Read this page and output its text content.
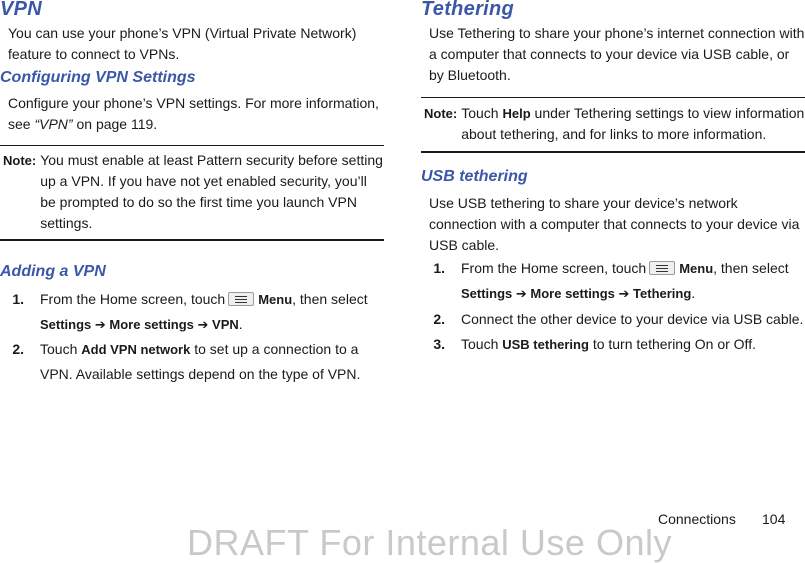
VPN

You can use your phone’s VPN (Virtual Private Network) feature to connect to VPNs.

Configuring VPN Settings

Configure your phone’s VPN settings. For more information, see “VPN” on page 119.

Note: You must enable at least Pattern security before setting up a VPN. If you have not yet enabled security, you’ll be prompted to do so the first time you launch VPN settings.
Adding a VPN
1. From the Home screen, touch	Menu, then select Settings ➔ More settings ➔ VPN.
2. Touch Add VPN network to set up a connection to a VPN. Available settings depend on the type of VPN.
Tethering

Use Tethering to share your phone’s internet connection with a computer that connects to your device via USB cable, or by Bluetooth.

Note: Touch Help under Tethering settings to view information about tethering, and for links to more information.
USB tethering

Use USB tethering to share your device’s network connection with a computer that connects to your device via USB cable.

1. From the Home screen, touch	Menu, then select Settings ➔ More settings ➔ Tethering.
2. Connect the other device to your device via USB cable.
3. Touch USB tethering to turn tethering On or Off.
Connections 104
DRAFT For Internal Use Only
